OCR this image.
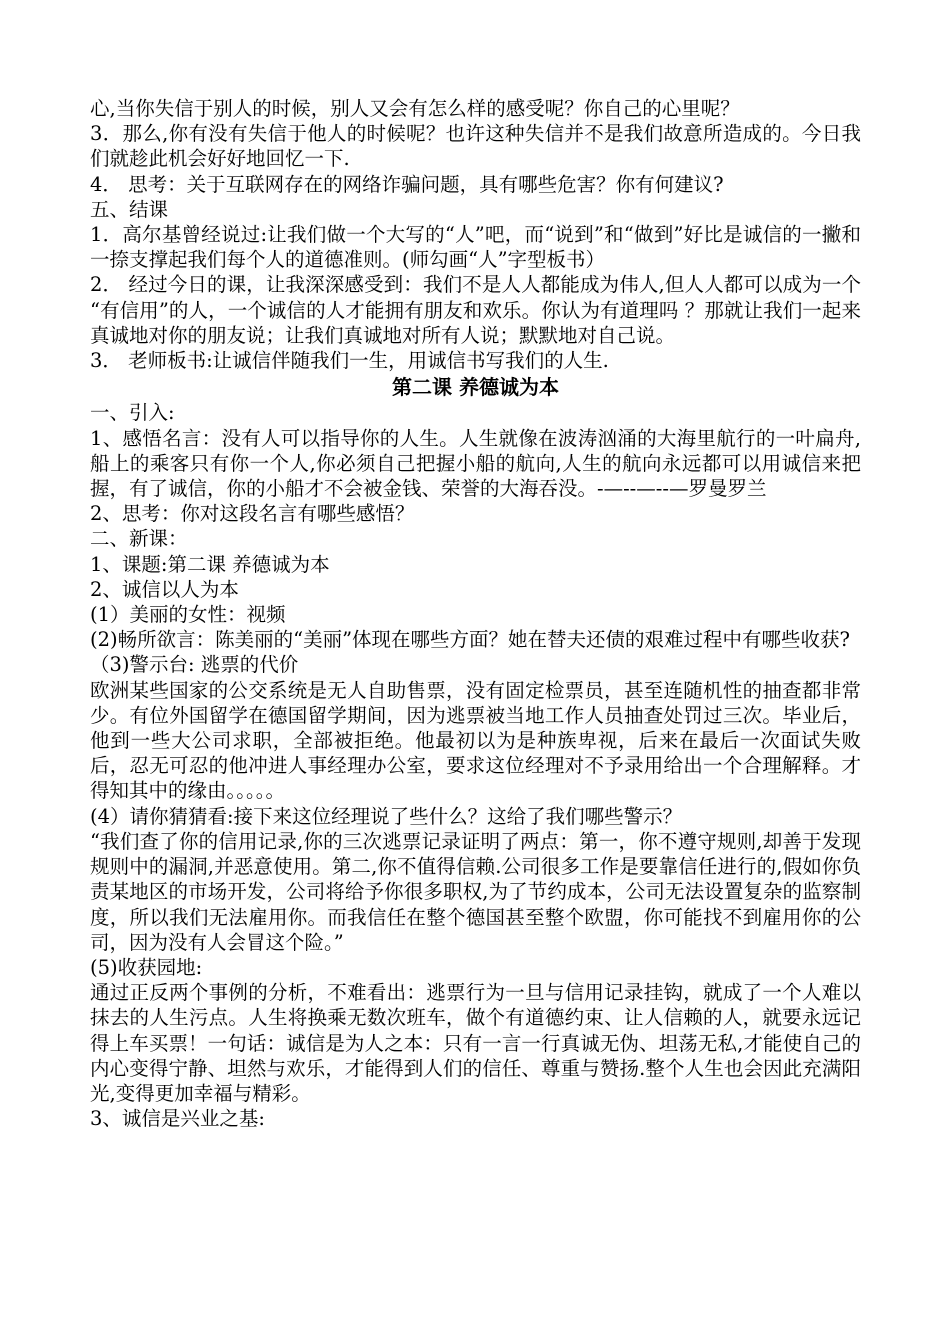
心,当你失信于别人的时候，别人又会有怎么样的感受呢？你自己的心里呢？

3．那么,你有没有失信于他人的时候呢？也许这种失信并不是我们故意所造成的。今日我们就趁此机会好好地回忆一下.

4． 思考：关于互联网存在的网络诈骗问题，具有哪些危害？你有何建议?

五、结课

1．高尔基曾经说过:让我们做一个大写的“人”吧，而“说到”和“做到”好比是诚信的一撇和一捺支撑起我们每个人的道德准则。(师勾画“人”字型板书）

2． 经过今日的课，让我深深感受到：我们不是人人都能成为伟人,但人人都可以成为一个 “有信用”的人，一个诚信的人才能拥有朋友和欢乐。你认为有道理吗 ？那就让我们一起来真诚地对你的朋友说；让我们真诚地对所有人说；默默地对自己说。

3． 老师板书:让诚信伴随我们一生，用诚信书写我们的人生.

第二课 养德诚为本

一、引入:

1、感悟名言：没有人可以指导你的人生。人生就像在波涛汹涌的大海里航行的一叶扁舟,船上的乘客只有你一个人,你必须自己把握小船的航向,人生的航向永远都可以用诚信来把握，有了诚信，你的小船才不会被金钱、荣誉的大海吞没。-—--—--—罗曼罗兰

2、思考：你对这段名言有哪些感悟？

二、新课：

1、课题:第二课 养德诚为本

2、诚信以人为本

(1）美丽的女性：视频

(2)畅所欲言：陈美丽的“美丽”体现在哪些方面？她在替夫还债的艰难过程中有哪些收获?

（3)警示台: 逃票的代价

欧洲某些国家的公交系统是无人自助售票，没有固定检票员，甚至连随机性的抽查都非常少。有位外国留学在德国留学期间，因为逃票被当地工作人员抽查处罚过三次。毕业后，他到一些大公司求职，全部被拒绝。他最初以为是种族卑视，后来在最后一次面试失败后，忍无可忍的他冲进人事经理办公室，要求这位经理对不予录用给出一个合理解释。才得知其中的缘由。。。。。

(4）请你猜猜看:接下来这位经理说了些什么？这给了我们哪些警示？

“我们查了你的信用记录,你的三次逃票记录证明了两点：第一，你不遵守规则,却善于发现规则中的漏洞,并恶意使用。第二,你不值得信赖.公司很多工作是要靠信任进行的,假如你负责某地区的市场开发，公司将给予你很多职权,为了节约成本，公司无法设置复杂的监察制度，所以我们无法雇用你。而我信任在整个德国甚至整个欧盟，你可能找不到雇用你的公司，因为没有人会冒这个险。”

(5)收获园地:

通过正反两个事例的分析，不难看出：逃票行为一旦与信用记录挂钩，就成了一个人难以抹去的人生污点。人生将换乘无数次班车，做个有道德约束、让人信赖的人，就要永远记得上车买票！一句话：诚信是为人之本：只有一言一行真诚无伪、坦荡无私,才能使自己的内心变得宁静、坦然与欢乐，才能得到人们的信任、尊重与赞扬.整个人生也会因此充满阳光,变得更加幸福与精彩。

3、诚信是兴业之基:
